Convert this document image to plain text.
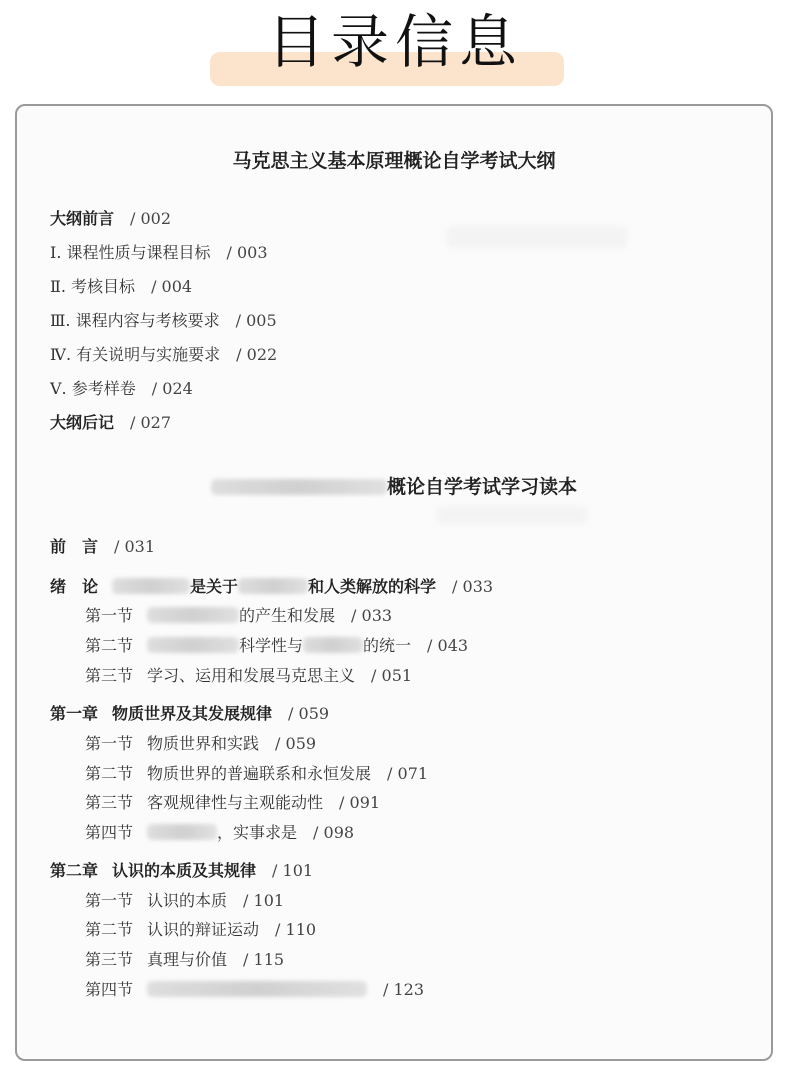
目录信息
马克思主义基本原理概论自学考试大纲
大纲前言 / 002
Ⅰ. 课程性质与课程目标 / 003
Ⅱ. 考核目标 / 004
Ⅲ. 课程内容与考核要求 / 005
Ⅳ. 有关说明与实施要求 / 022
Ⅴ. 参考样卷 / 024
大纲后记 / 027
概论自学考试学习读本
前　言 / 031
绪　论	是关于	和人类解放的科学 / 033
第一节	的产生和发展 / 033
第二节	科学性与	的统一 / 043
第三节 学习、运用和发展马克思主义 / 051
第一章 物质世界及其发展规律 / 059
第一节 物质世界和实践 / 059
第二节 物质世界的普遍联系和永恒发展 / 071
第三节 客观规律性与主观能动性 / 091
第四节	，实事求是 / 098
第二章 认识的本质及其规律 / 101
第一节 认识的本质 / 101
第二节 认识的辩证运动 / 110
第三节 真理与价值 / 115
第四节	/ 123
